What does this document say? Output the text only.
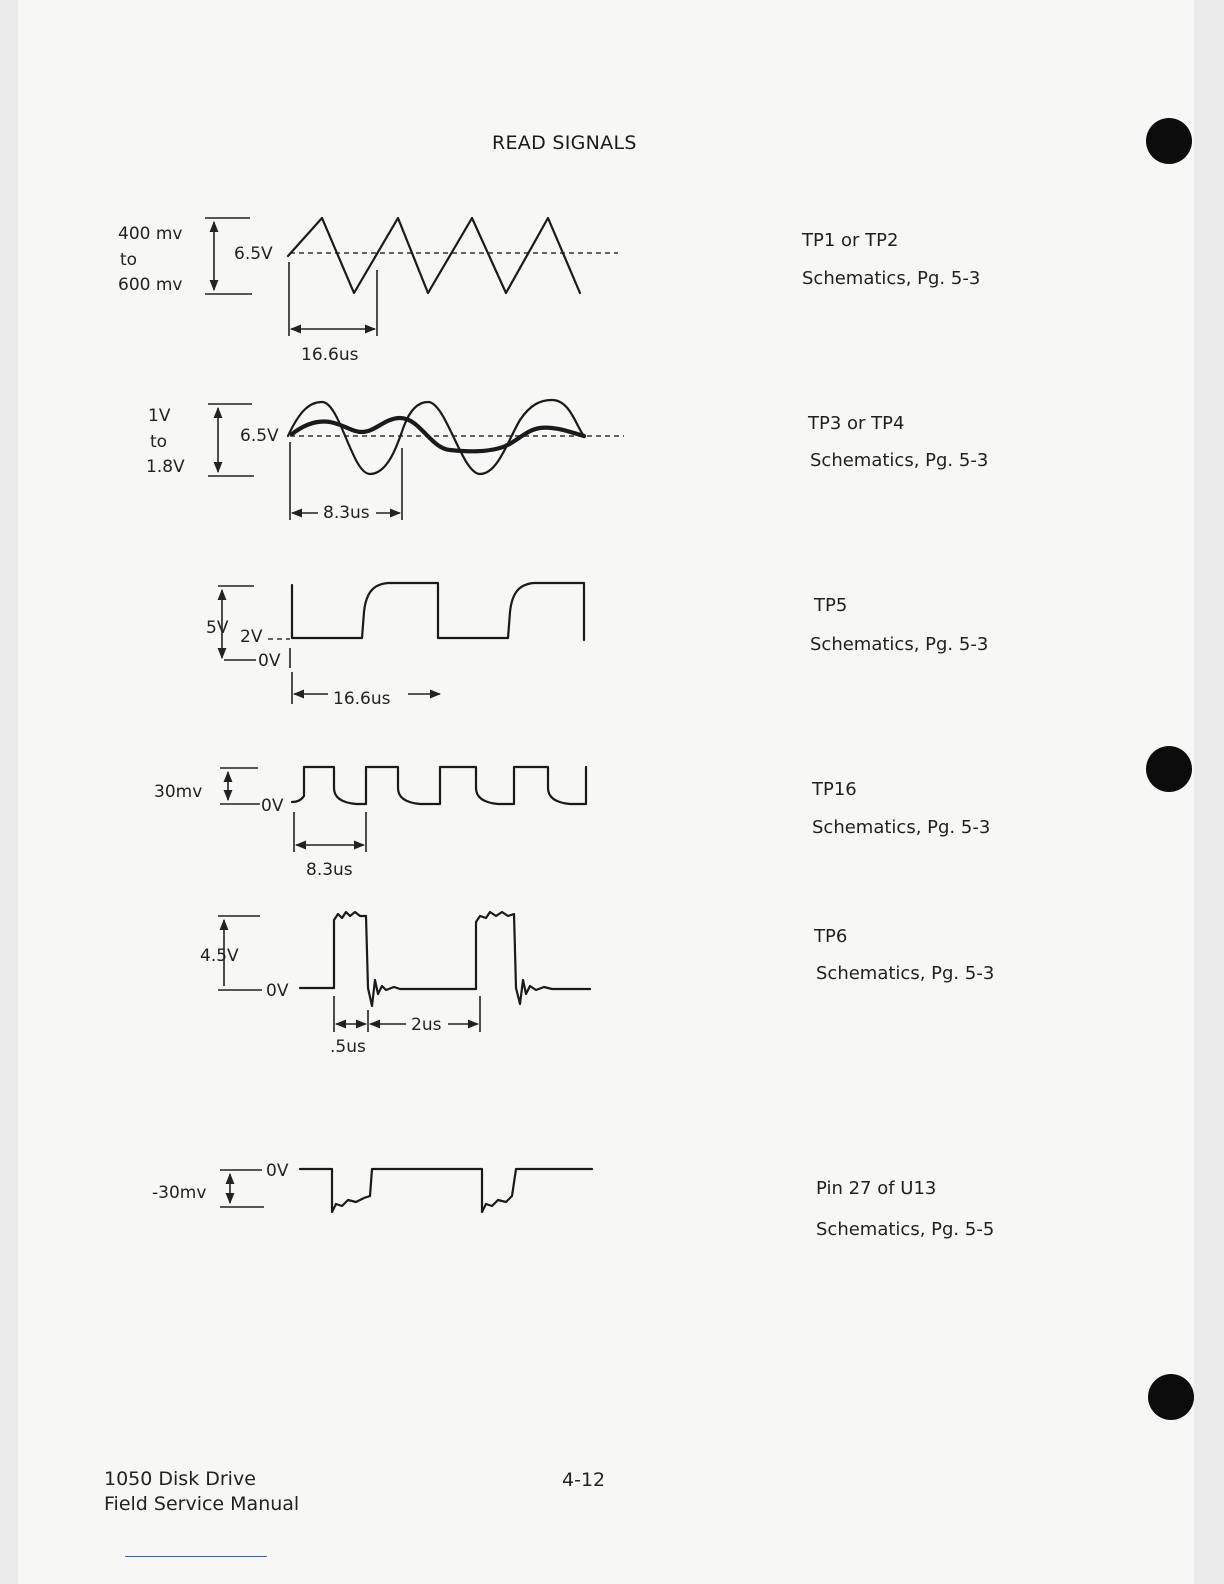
READ SIGNALS
400 mv
to
600 mv
6.5V
16.6us
1V
to
1.8V
6.5V
8.3us
5V 2V
0V
16.6us
30mv
0V
8.3us
4.5V
0V
2us
.5us
-30mv
0V
TP1 or TP2
Schematics, Pg. 5-3
TP3 or TP4
Schematics, Pg. 5-3
TP5
Schematics, Pg. 5-3
TP16
Schematics, Pg. 5-3
TP6
Schematics, Pg. 5-3
Pin 27 of U13
Schematics, Pg. 5-5
1050 Disk Drive
Field Service Manual
4-12
